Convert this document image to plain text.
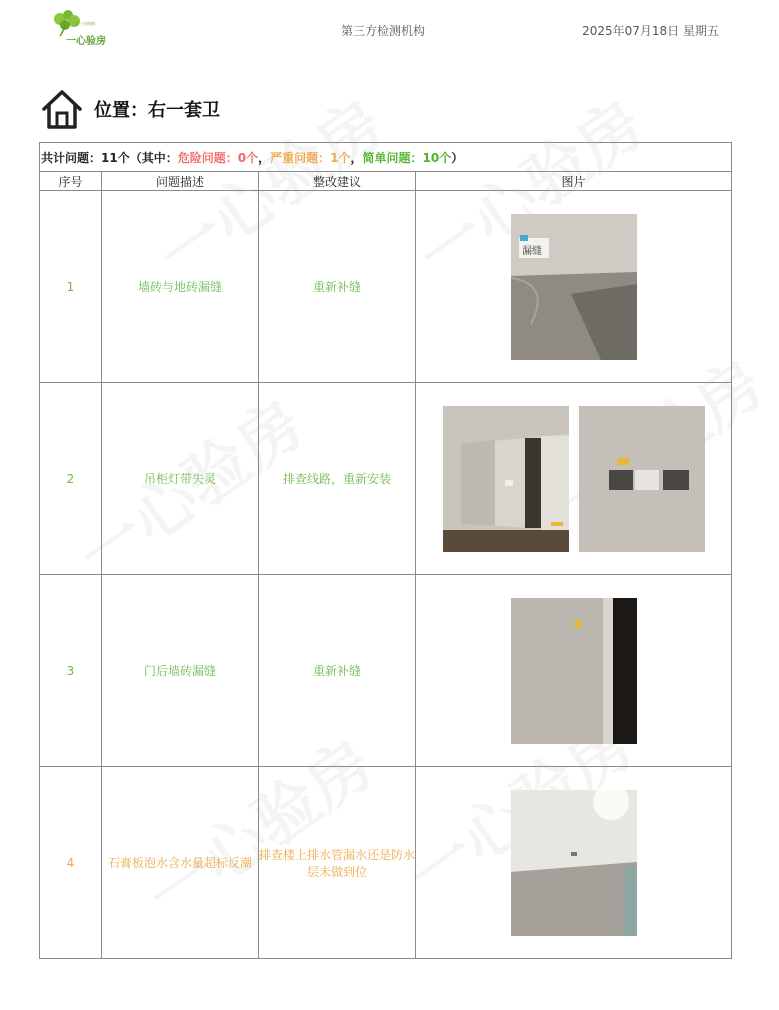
第三方机构
一心验房
第三方检测机构	2025年07月18日 星期五
位置：右一套卫
共计问题：11个（其中：危险问题：0个，严重问题：1个，简单问题：10个）			
序号	问题描述	整改建议	图片
1	墙砖与地砖漏缝	重新补缝	漏缝

2	吊柜灯带失灵	排查线路，重新安装	

3	门后墙砖漏缝	重新补缝	

4	石膏板泡水含水量超标反潮	排查楼上排水管漏水还是防水层未做到位	
